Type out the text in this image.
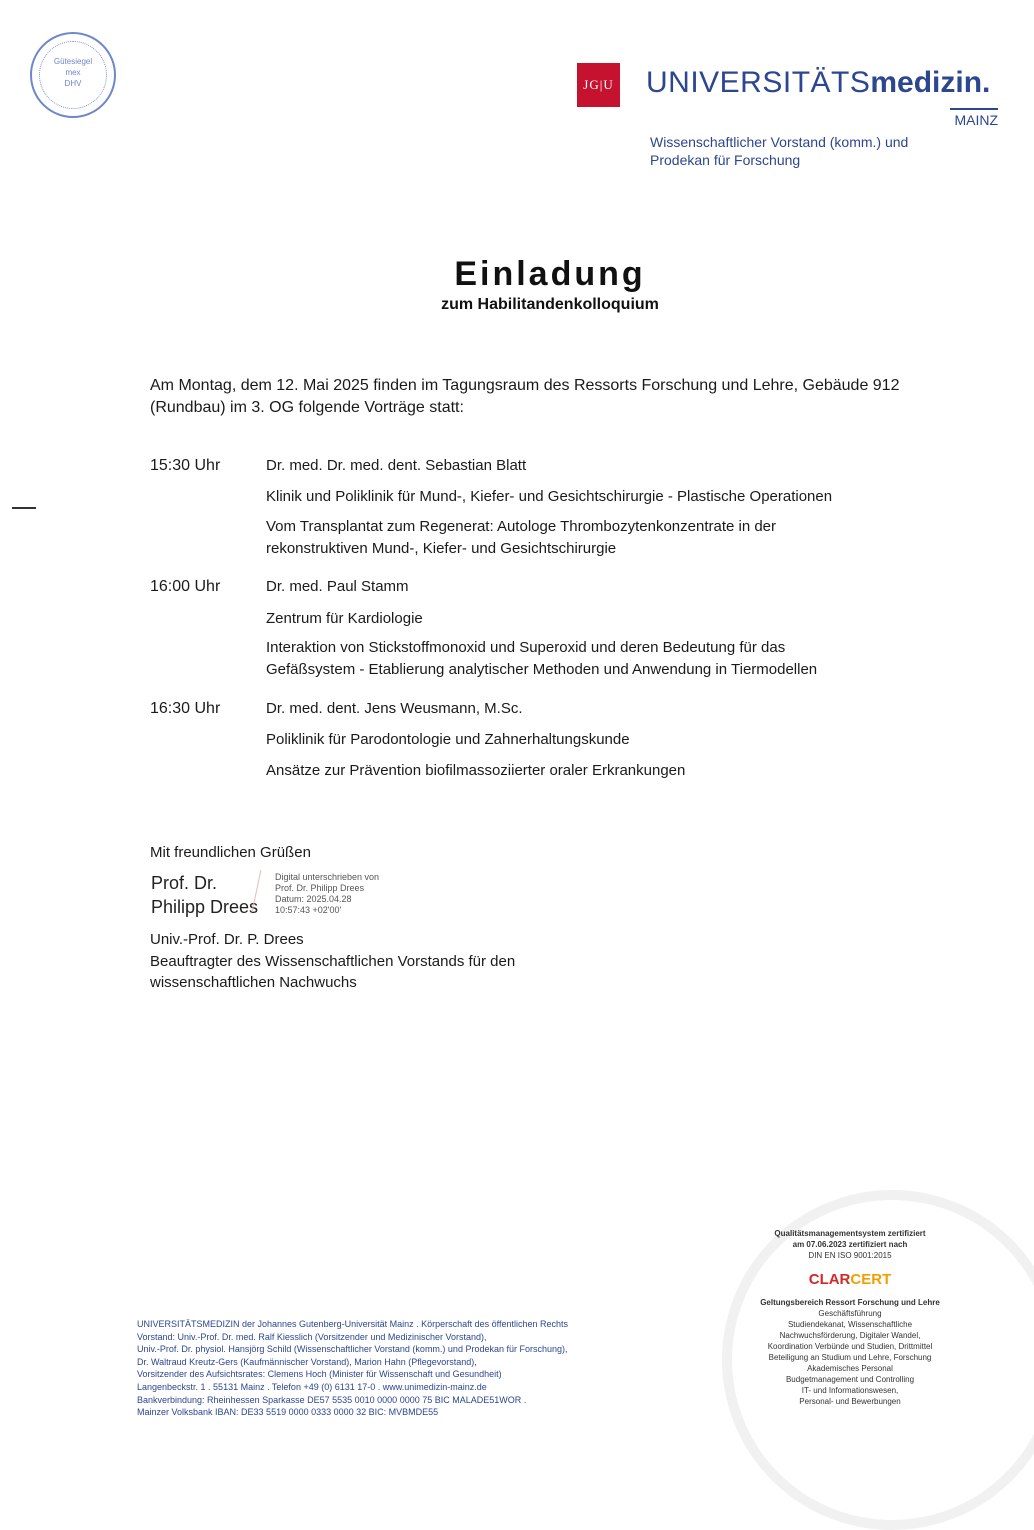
Gütesiegel
mex
DHV	JG|U UNIVERSITÄTSmedizin.
MAINZ
Wissenschaftlicher Vorstand (komm.) und
Prodekan für Forschung
Einladung
zum Habilitandenkolloquium
Am Montag, dem 12. Mai 2025 finden im Tagungsraum des Ressorts Forschung und Lehre, Gebäude 912 (Rundbau) im 3. OG folgende Vorträge statt:
15:30 Uhr	Dr. med. Dr. med. dent. Sebastian Blatt
Klinik und Poliklinik für Mund-, Kiefer- und Gesichtschirurgie - Plastische Operationen
Vom Transplantat zum Regenerat: Autologe Thrombozytenkonzentrate in der
rekonstruktiven Mund-, Kiefer- und Gesichtschirurgie
16:00 Uhr	Dr. med. Paul Stamm
Zentrum für Kardiologie
Interaktion von Stickstoffmonoxid und Superoxid und deren Bedeutung für das
Gefäßsystem - Etablierung analytischer Methoden und Anwendung in Tiermodellen
16:30 Uhr	Dr. med. dent. Jens Weusmann, M.Sc.
Poliklinik für Parodontologie und Zahnerhaltungskunde
Ansätze zur Prävention biofilmassoziierter oraler Erkrankungen
Mit freundlichen Grüßen
Prof. Dr.
Philipp Drees
Digital unterschrieben von
Prof. Dr. Philipp Drees
Datum: 2025.04.28
10:57:43 +02'00'
Univ.-Prof. Dr. P. Drees
Beauftragter des Wissenschaftlichen Vorstands für den
wissenschaftlichen Nachwuchs
UNIVERSITÄTSMEDIZIN der Johannes Gutenberg-Universität Mainz . Körperschaft des öffentlichen Rechts
Vorstand: Univ.-Prof. Dr. med. Ralf Kiesslich (Vorsitzender und Medizinischer Vorstand),
Univ.-Prof. Dr. physiol. Hansjörg Schild (Wissenschaftlicher Vorstand (komm.) und Prodekan für Forschung),
Dr. Waltraud Kreutz-Gers (Kaufmännischer Vorstand), Marion Hahn (Pflegevorstand),
Vorsitzender des Aufsichtsrates: Clemens Hoch (Minister für Wissenschaft und Gesundheit)
Langenbeckstr. 1 . 55131 Mainz . Telefon +49 (0) 6131 17-0 . www.unimedizin-mainz.de
Bankverbindung: Rheinhessen Sparkasse DE57 5535 0010 0000 0000 75 BIC MALADE51WOR .
Mainzer Volksbank IBAN: DE33 5519 0000 0333 0000 32 BIC: MVBMDE55
Qualitätsmanagementsystem zertifiziert
am 07.06.2023 zertifiziert nach
DIN EN ISO 9001:2015
CLARCERT
Geltungsbereich Ressort Forschung und Lehre
Geschäftsführung
Studiendekanat, Wissenschaftliche
Nachwuchsförderung, Digitaler Wandel,
Koordination Verbünde und Studien, Drittmittel
Beteiligung an Studium und Lehre, Forschung
Akademisches Personal
Budgetmanagement und Controlling
IT- und Informationswesen,
Personal- und Bewerbungen
